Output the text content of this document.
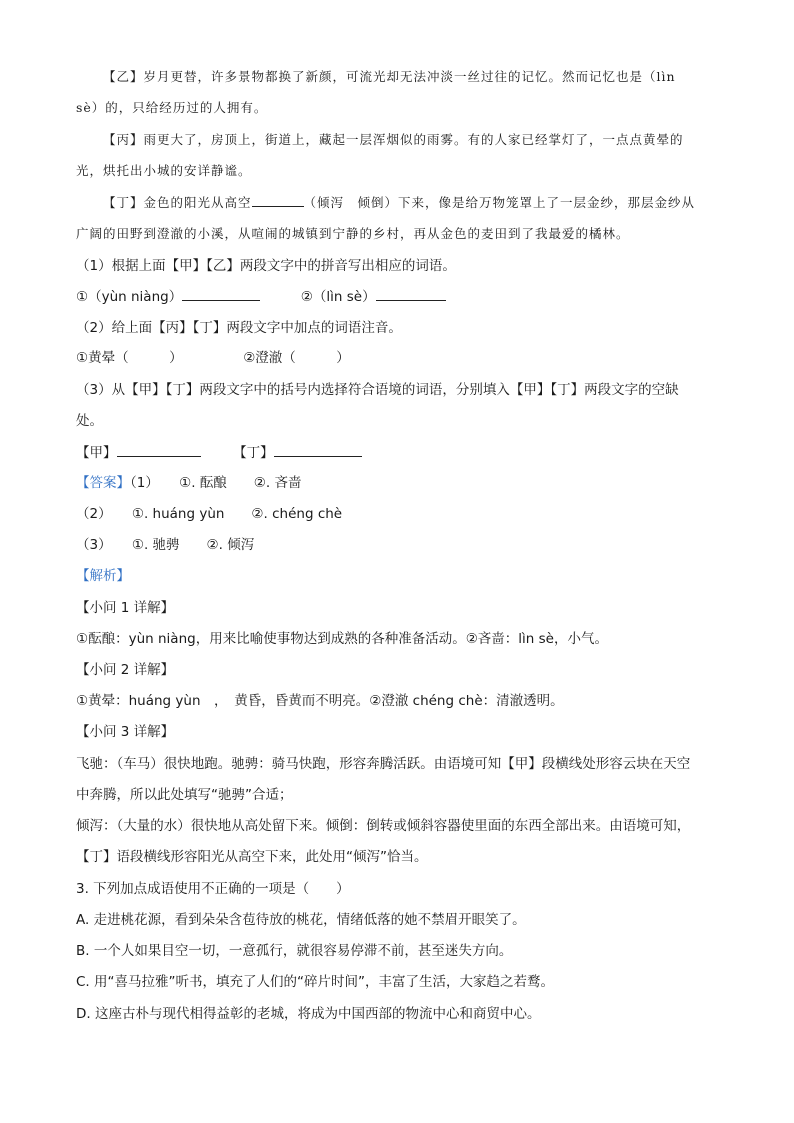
【乙】岁月更替，许多景物都换了新颜，可流光却无法冲淡一丝过往的记忆。然而记忆也是（lìn
sè）的，只给经历过的人拥有。
【丙】雨更大了，房顶上，街道上，藏起一层浑烟似的雨雾。有的人家已经掌灯了，一点点黄晕的
光，烘托出小城的安详静谧。
【丁】金色的阳光从高空	（倾泻　倾倒）下来，像是给万物笼罩上了一层金纱，那层金纱从
广阔的田野到澄澈的小溪，从喧闹的城镇到宁静的乡村，再从金色的麦田到了我最爱的橘林。
（1）根据上面【甲】【乙】两段文字中的拼音写出相应的词语。
①（yùn niàng）	②（lìn sè）
（2）给上面【丙】【丁】两段文字中加点的词语注音。
①黄晕（　　　）	②澄澈（　　　）
（3）从【甲】【丁】两段文字中的括号内选择符合语境的词语，分别填入【甲】【丁】两段文字的空缺
处。
【甲】	【丁】
【答案】（1）　　①. 酝酿　　②. 吝啬
（2）　　①. huáng yùn　　②. chéng chè
（3）　　①. 驰骋　　②. 倾泻
【解析】
【小问 1 详解】
①酝酿：yùn niàng，用来比喻使事物达到成熟的各种准备活动。②吝啬：lìn sè，小气。
【小问 2 详解】
①黄晕：huáng yùn　，　黄昏，昏黄而不明亮。②澄澈 chéng chè：清澈透明。
【小问 3 详解】
飞驰：（车马）很快地跑。驰骋：骑马快跑，形容奔腾活跃。由语境可知【甲】段横线处形容云块在天空
中奔腾，所以此处填写“驰骋”合适；
倾泻：（大量的水）很快地从高处留下来。倾倒：倒转或倾斜容器使里面的东西全部出来。由语境可知，
【丁】语段横线形容阳光从高空下来，此处用“倾泻”恰当。
3. 下列加点成语使用不正确的一项是（　　）
A. 走进桃花源，看到朵朵含苞待放的桃花，情绪低落的她不禁眉开眼笑了。
B. 一个人如果目空一切，一意孤行，就很容易停滞不前，甚至迷失方向。
C. 用“喜马拉雅”听书，填充了人们的“碎片时间”，丰富了生活，大家趋之若鹜。
D. 这座古朴与现代相得益彰的老城，将成为中国西部的物流中心和商贸中心。
